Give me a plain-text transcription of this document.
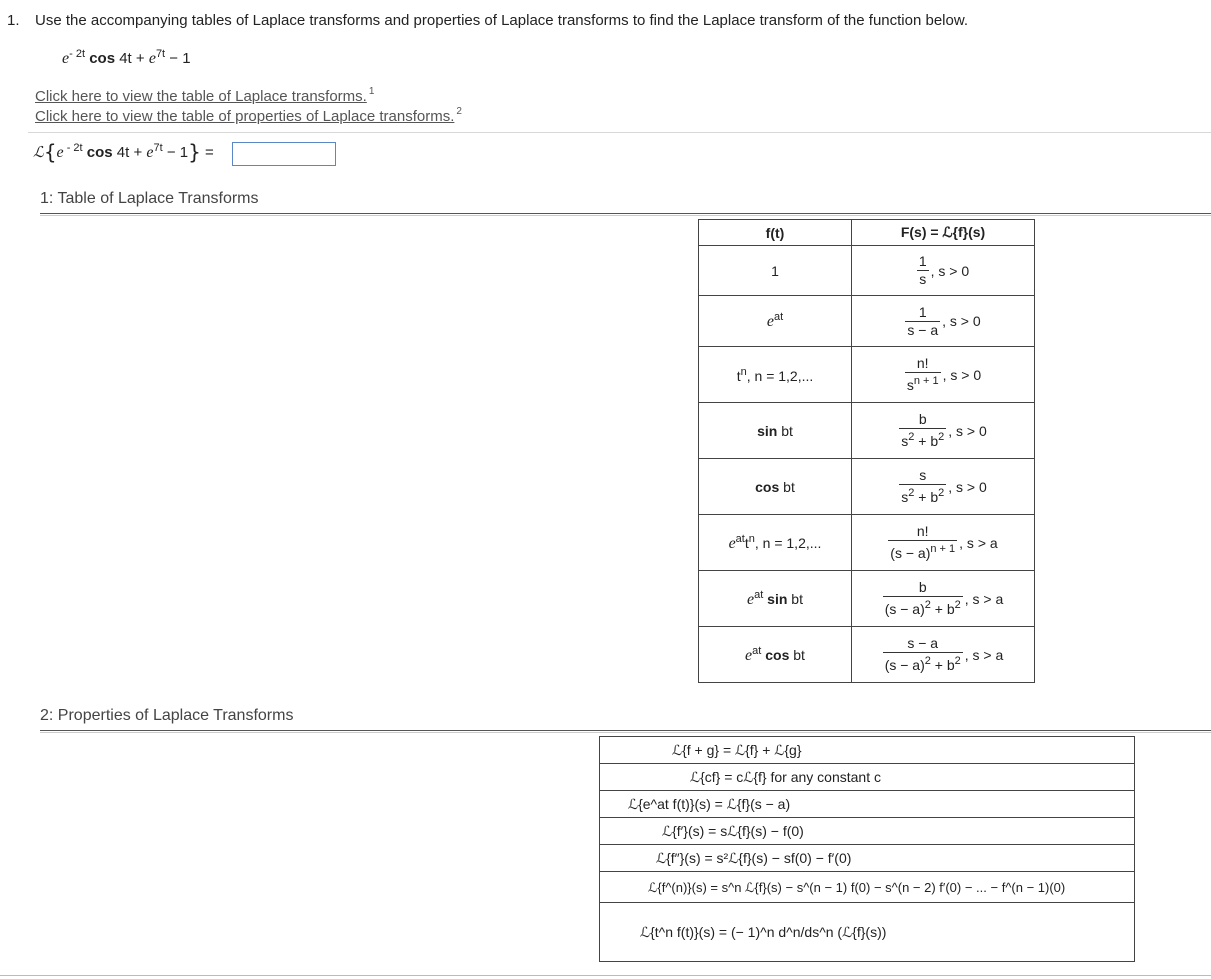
1. Use the accompanying tables of Laplace transforms and properties of Laplace transforms to find the Laplace transform of the function below.
$e^{- 2t}$ $\cos 4t + e^{7t} - 1$
Click here to view the table of Laplace transforms. $^1$
Click here to view the table of properties of Laplace transforms. $^2$
ℒ{e $^{- 2t}$ $\cos 4t + e^{7t} - 1$} =
1: Table of Laplace Transforms
f(t)	F(s) = ℒ{f}(s)
1	$\frac{1}{s}$ , s > 0
$e^{at}$	$\frac{1}{s - a}$ , s > 0
$t^n$, n = 1,2,...	$\frac{n!}{s^{n + 1}}$ , s > 0
sin bt	$\frac{b}{s^2 + b^2}$ , s > 0
cos bt	$\frac{s}{s^2 + b^2}$ , s > 0
$e^{at}t^n$, n = 1,2,...	$\frac{n!}{(s - a)^{n + 1}}$ , s > a
$e^{at}$ sin bt	$\frac{b}{(s - a)^2 + b^2}$ , s > a
$e^{at}$ cos bt	$\frac{s - a}{(s - a)^2 + b^2}$ , s > a
2: Properties of Laplace Transforms
ℒ{f + g} = ℒ{f} + ℒ{g}
ℒ{cf} = cℒ{f} for any constant c
ℒ{e^at f(t)}(s) = ℒ{f}(s − a)
ℒ{f′}(s) = sℒ{f}(s) − f(0)
ℒ{f″}(s) = s²ℒ{f}(s) − sf(0) − f′(0)
ℒ{f^(n)}(s) = s^n ℒ{f}(s) − s^(n − 1) f(0) − s^(n − 2) f′(0) − ... − f^(n − 1)(0)
ℒ{t^n f(t)}(s) = (− 1)^n d^n/ds^n (ℒ{f}(s))
